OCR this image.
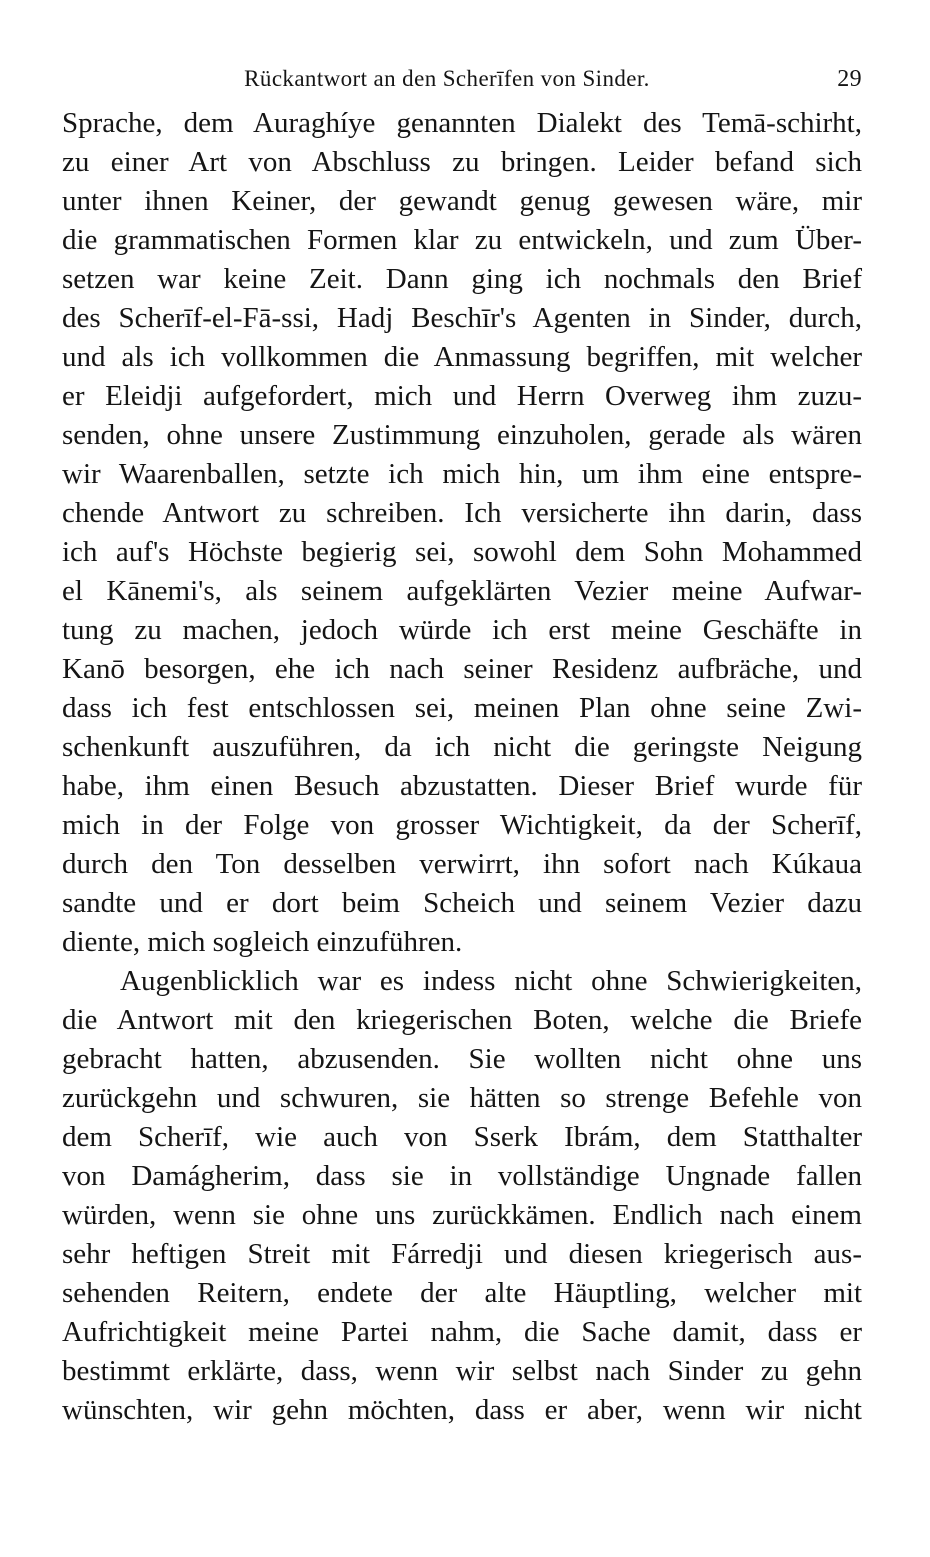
Rückantwort an den Scherīfen von Sinder.	29
Sprache, dem Auraghíye genannten Dialekt des Temā-schirht,
zu einer Art von Abschluss zu bringen. Leider befand sich
unter ihnen Keiner, der gewandt genug gewesen wäre, mir
die grammatischen Formen klar zu entwickeln, und zum Über-
setzen war keine Zeit. Dann ging ich nochmals den Brief
des Scherīf-el-Fā-ssi, Hadj Beschīr's Agenten in Sinder, durch,
und als ich vollkommen die Anmassung begriffen, mit welcher
er Eleidji aufgefordert, mich und Herrn Overweg ihm zuzu-
senden, ohne unsere Zustimmung einzuholen, gerade als wären
wir Waarenballen, setzte ich mich hin, um ihm eine entspre-
chende Antwort zu schreiben. Ich versicherte ihn darin, dass
ich auf's Höchste begierig sei, sowohl dem Sohn Mohammed
el Kānemi's, als seinem aufgeklärten Vezier meine Aufwar-
tung zu machen, jedoch würde ich erst meine Geschäfte in
Kanō besorgen, ehe ich nach seiner Residenz aufbräche, und
dass ich fest entschlossen sei, meinen Plan ohne seine Zwi-
schenkunft auszuführen, da ich nicht die geringste Neigung
habe, ihm einen Besuch abzustatten. Dieser Brief wurde für
mich in der Folge von grosser Wichtigkeit, da der Scherīf,
durch den Ton desselben verwirrt, ihn sofort nach Kúkaua
sandte und er dort beim Scheich und seinem Vezier dazu
diente, mich sogleich einzuführen.
Augenblicklich war es indess nicht ohne Schwierigkeiten,
die Antwort mit den kriegerischen Boten, welche die Briefe
gebracht hatten, abzusenden. Sie wollten nicht ohne uns
zurückgehn und schwuren, sie hätten so strenge Befehle von
dem Scherīf, wie auch von Sserk Ibrám, dem Statthalter
von Damágherim, dass sie in vollständige Ungnade fallen
würden, wenn sie ohne uns zurückkämen. Endlich nach einem
sehr heftigen Streit mit Fárredji und diesen kriegerisch aus-
sehenden Reitern, endete der alte Häuptling, welcher mit
Aufrichtigkeit meine Partei nahm, die Sache damit, dass er
bestimmt erklärte, dass, wenn wir selbst nach Sinder zu gehn
wünschten, wir gehn möchten, dass er aber, wenn wir nicht
